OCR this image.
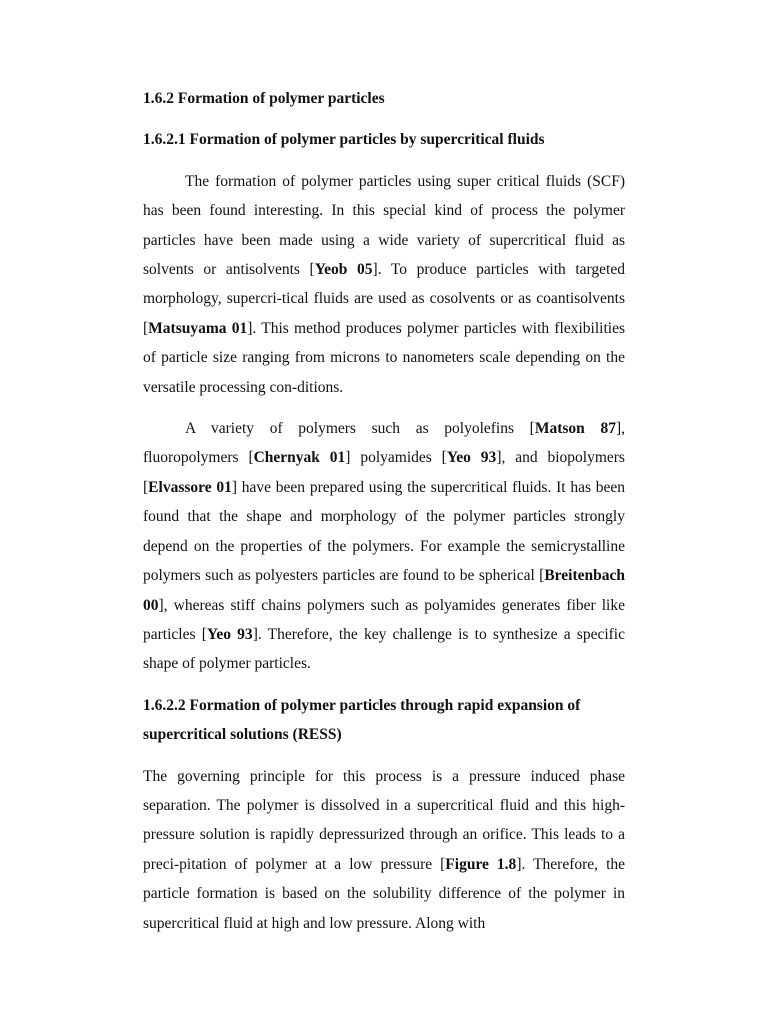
1.6.2 Formation of polymer particles

1.6.2.1 Formation of polymer particles by supercritical fluids

The formation of polymer particles using super critical fluids (SCF) has been found interesting. In this special kind of process the polymer particles have been made using a wide variety of supercritical fluid as solvents or antisolvents [Yeob 05]. To produce particles with targeted morphology, supercri-tical fluids are used as cosolvents or as coantisolvents [Matsuyama 01]. This method produces polymer particles with flexibilities of particle size ranging from microns to nanometers scale depending on the versatile processing con-ditions.

A variety of polymers such as polyolefins [Matson 87], fluoropolymers [Chernyak 01] polyamides [Yeo 93], and biopolymers [Elvassore 01] have been prepared using the supercritical fluids. It has been found that the shape and morphology of the polymer particles strongly depend on the properties of the polymers. For example the semicrystalline polymers such as polyesters particles are found to be spherical [Breitenbach 00], whereas stiff chains polymers such as polyamides generates fiber like particles [Yeo 93]. Therefore, the key challenge is to synthesize a specific shape of polymer particles.

1.6.2.2 Formation of polymer particles through rapid expansion of supercritical solutions (RESS)

The governing principle for this process is a pressure induced phase separation. The polymer is dissolved in a supercritical fluid and this high-pressure solution is rapidly depressurized through an orifice. This leads to a preci-pitation of polymer at a low pressure [Figure 1.8]. Therefore, the particle formation is based on the solubility difference of the polymer in supercritical fluid at high and low pressure. Along with
